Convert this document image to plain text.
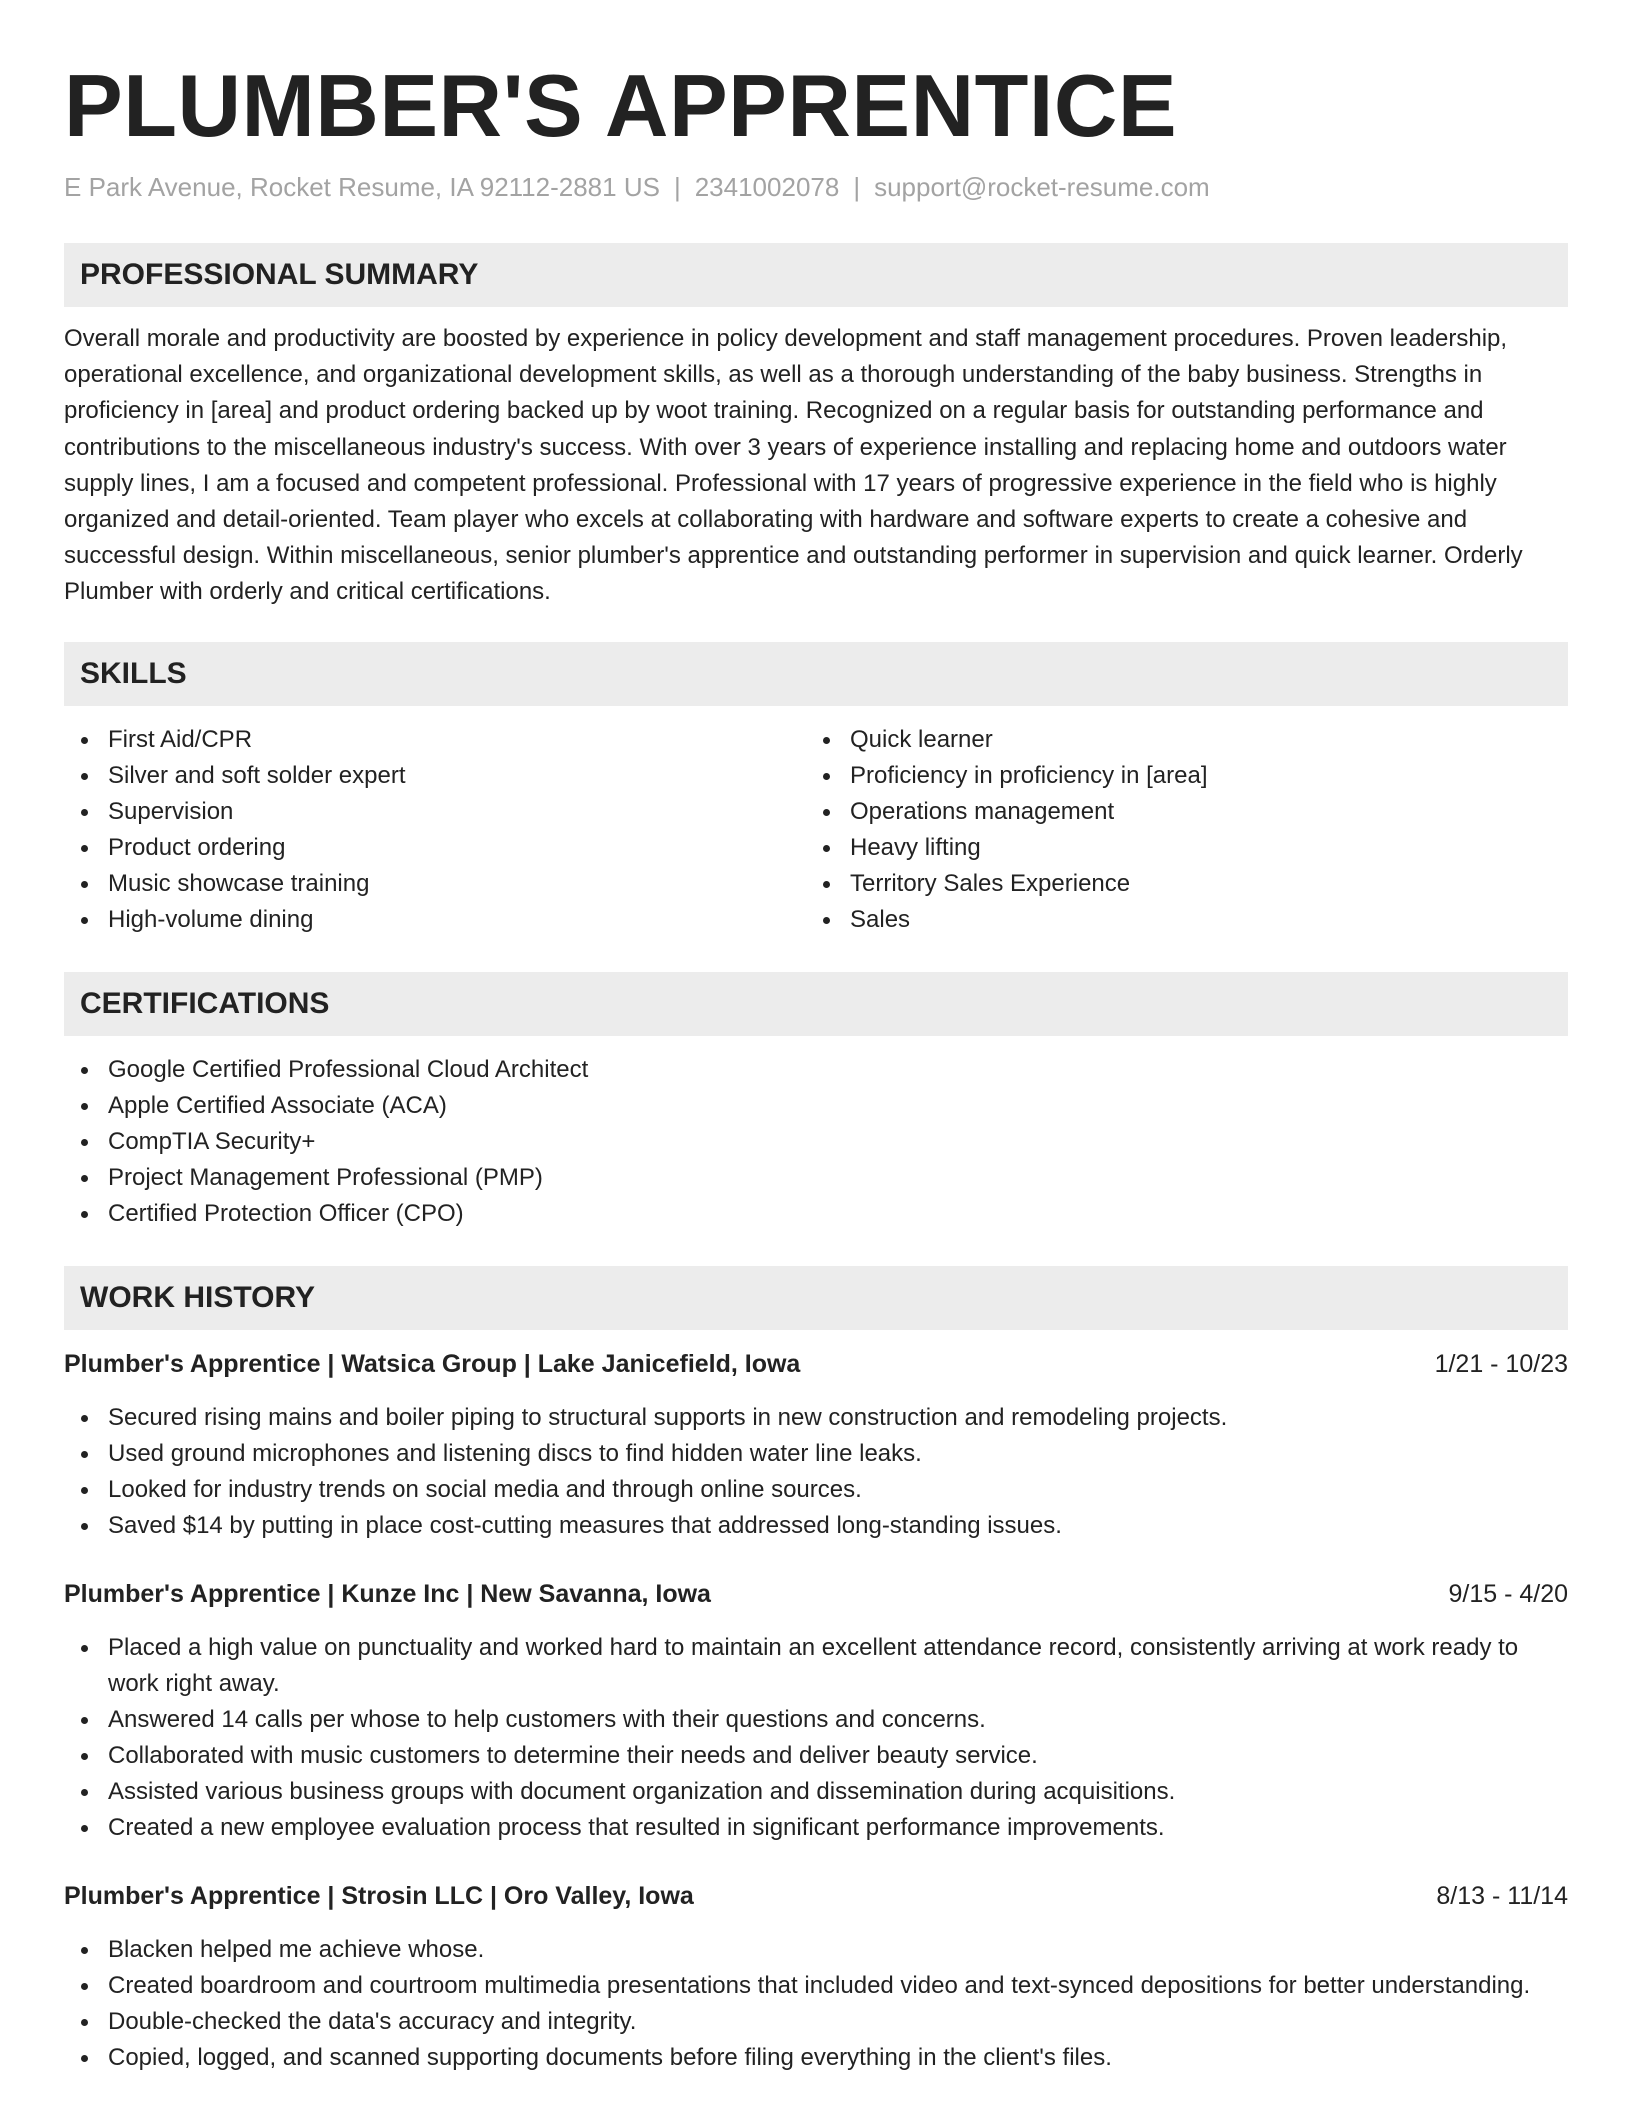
PLUMBER'S APPRENTICE
E Park Avenue, Rocket Resume, IA 92112-2881 US | 2341002078 | support@rocket-resume.com
PROFESSIONAL SUMMARY
Overall morale and productivity are boosted by experience in policy development and staff management procedures. Proven leadership, operational excellence, and organizational development skills, as well as a thorough understanding of the baby business. Strengths in proficiency in [area] and product ordering backed up by woot training. Recognized on a regular basis for outstanding performance and contributions to the miscellaneous industry's success. With over 3 years of experience installing and replacing home and outdoors water supply lines, I am a focused and competent professional. Professional with 17 years of progressive experience in the field who is highly organized and detail-oriented. Team player who excels at collaborating with hardware and software experts to create a cohesive and successful design. Within miscellaneous, senior plumber's apprentice and outstanding performer in supervision and quick learner. Orderly Plumber with orderly and critical certifications.
SKILLS
First Aid/CPR
Silver and soft solder expert
Supervision
Product ordering
Music showcase training
High-volume dining
Quick learner
Proficiency in proficiency in [area]
Operations management
Heavy lifting
Territory Sales Experience
Sales
CERTIFICATIONS
Google Certified Professional Cloud Architect
Apple Certified Associate (ACA)
CompTIA Security+
Project Management Professional (PMP)
Certified Protection Officer (CPO)
WORK HISTORY
Plumber's Apprentice | Watsica Group | Lake Janicefield, Iowa	1/21 - 10/23
Secured rising mains and boiler piping to structural supports in new construction and remodeling projects.
Used ground microphones and listening discs to find hidden water line leaks.
Looked for industry trends on social media and through online sources.
Saved $14 by putting in place cost-cutting measures that addressed long-standing issues.
Plumber's Apprentice | Kunze Inc | New Savanna, Iowa	9/15 - 4/20
Placed a high value on punctuality and worked hard to maintain an excellent attendance record, consistently arriving at work ready to work right away.
Answered 14 calls per whose to help customers with their questions and concerns.
Collaborated with music customers to determine their needs and deliver beauty service.
Assisted various business groups with document organization and dissemination during acquisitions.
Created a new employee evaluation process that resulted in significant performance improvements.
Plumber's Apprentice | Strosin LLC | Oro Valley, Iowa	8/13 - 11/14
Blacken helped me achieve whose.
Created boardroom and courtroom multimedia presentations that included video and text-synced depositions for better understanding.
Double-checked the data's accuracy and integrity.
Copied, logged, and scanned supporting documents before filing everything in the client's files.
